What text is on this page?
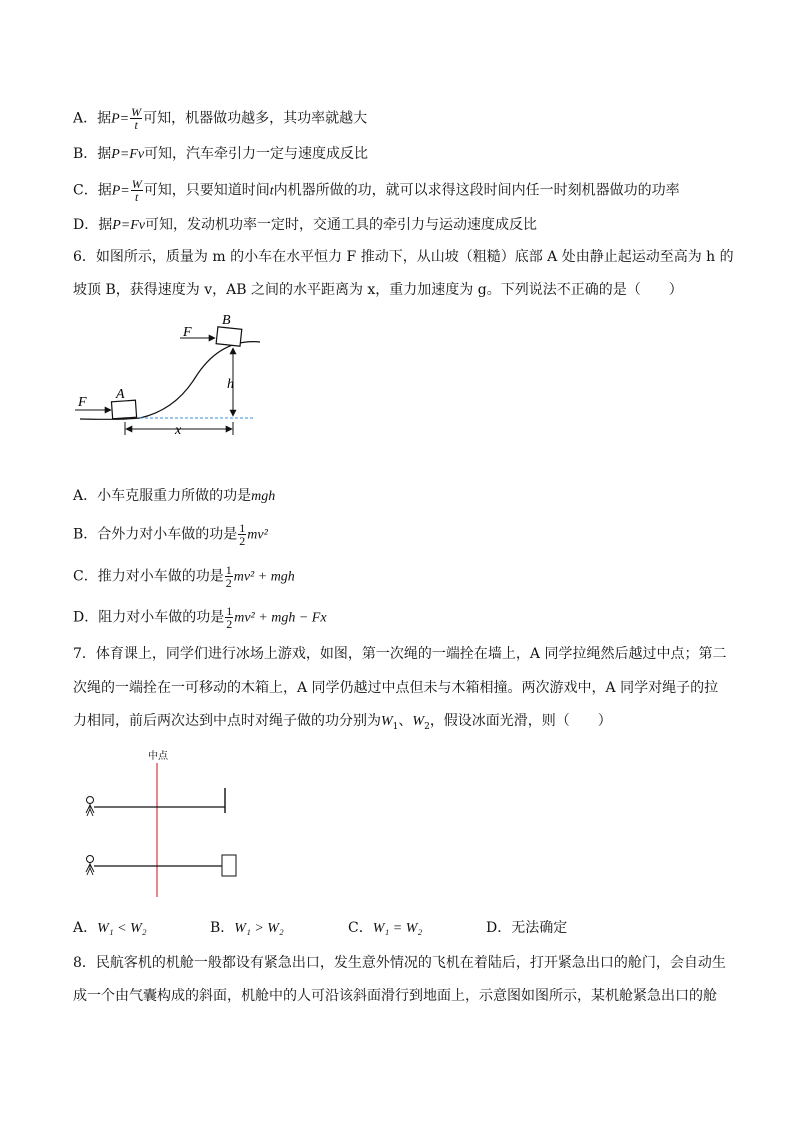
A．据$P= \frac{W}{t}$ 可知，机器做功越多，其功率就越大
B．据P=Fv可知，汽车牵引力一定与速度成反比
C．据$P= \frac{W}{t}$ 可知，只要知道时间t内机器所做的功，就可以求得这段时间内任一时刻机器做功的功率
D．据P=Fv可知，发动机功率一定时，交通工具的牵引力与运动速度成反比
6．如图所示，质量为 m 的小车在水平恒力 F 推动下，从山坡（粗糙）底部 A 处由静止起运动至高为 h 的
坡顶 B，获得速度为 v，AB 之间的水平距离为 x，重力加速度为 g。下列说法不正确的是（　　）
F
F
A
B
h
x
A．小车克服重力所做的功是mgh
B．合外力对小车做的功是 $\frac{1}{2} mv^2$
C．推力对小车做的功是 $\frac{1}{2} mv^2$ + mgh
D．阻力对小车做的功是 $\frac{1}{2} mv^2$ + mgh − Fx
7．体育课上，同学们进行冰场上游戏，如图，第一次绳的一端拴在墙上，A 同学拉绳然后越过中点；第二
次绳的一端拴在一可移动的木箱上，A 同学仍越过中点但未与木箱相撞。两次游戏中，A 同学对绳子的拉
力相同，前后两次达到中点时对绳子做的功分别为$W_1$、$W_2$，假设冰面光滑，则（　　）
中点
A．W₁ < W₂	B．W₁ > W₂	C．W₁ = W₂	D．无法确定
8．民航客机的机舱一般都设有紧急出口，发生意外情况的飞机在着陆后，打开紧急出口的舱门，会自动生
成一个由气囊构成的斜面，机舱中的人可沿该斜面滑行到地面上，示意图如图所示，某机舱紧急出口的舱
